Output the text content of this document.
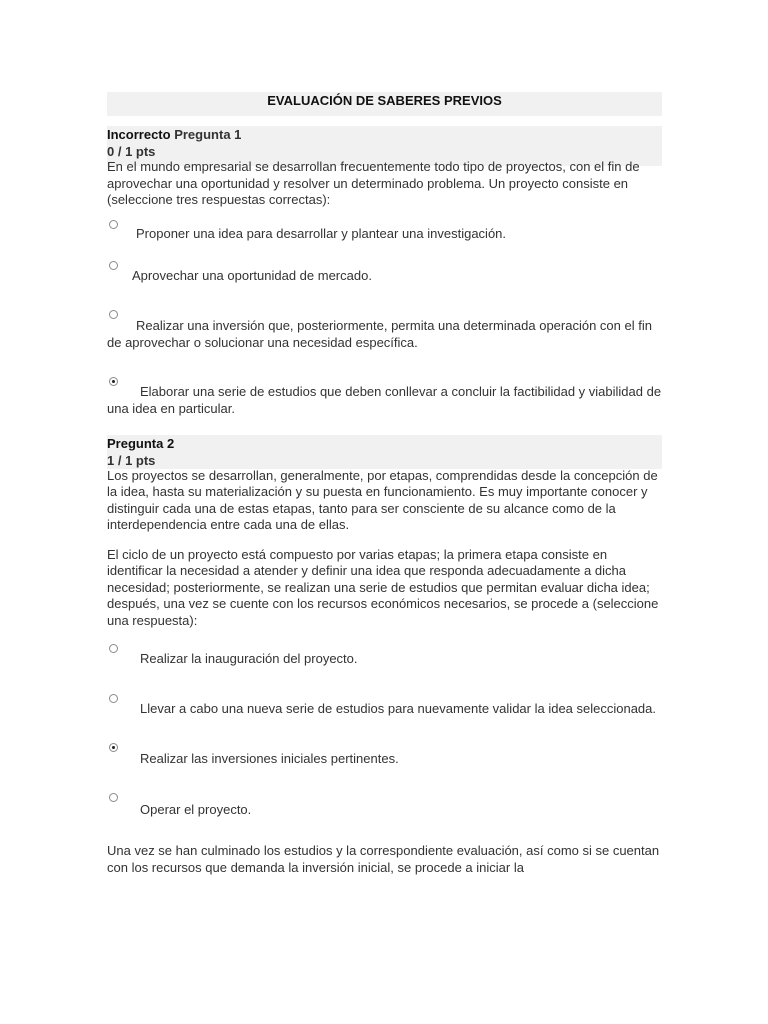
EVALUACIÓN DE SABERES PREVIOS
Incorrecto Pregunta 1
0 / 1 pts

En el mundo empresarial se desarrollan frecuentemente todo tipo de proyectos, con el fin de aprovechar una oportunidad y resolver un determinado problema. Un proyecto consiste en (seleccione tres respuestas correctas):

Proponer una idea para desarrollar y plantear una investigación.
Aprovechar una oportunidad de mercado.
Realizar una inversión que, posteriormente, permita una determinada operación con el fin de aprovechar o solucionar una necesidad específica.
Elaborar una serie de estudios que deben conllevar a concluir la factibilidad y viabilidad de una idea en particular.
Pregunta 2
1 / 1 pts

Los proyectos se desarrollan, generalmente, por etapas, comprendidas desde la concepción de la idea, hasta su materialización y su puesta en funcionamiento. Es muy importante conocer y distinguir cada una de estas etapas, tanto para ser consciente de su alcance como de la interdependencia entre cada una de ellas.

El ciclo de un proyecto está compuesto por varias etapas; la primera etapa consiste en identificar la necesidad a atender y definir una idea que responda adecuadamente a dicha necesidad; posteriormente, se realizan una serie de estudios que permitan evaluar dicha idea; después, una vez se cuente con los recursos económicos necesarios, se procede a (seleccione una respuesta):

Realizar la inauguración del proyecto.
Llevar a cabo una nueva serie de estudios para nuevamente validar la idea seleccionada.
Realizar las inversiones iniciales pertinentes.
Operar el proyecto.

Una vez se han culminado los estudios y la correspondiente evaluación, así como si se cuentan con los recursos que demanda la inversión inicial, se procede a iniciar la
